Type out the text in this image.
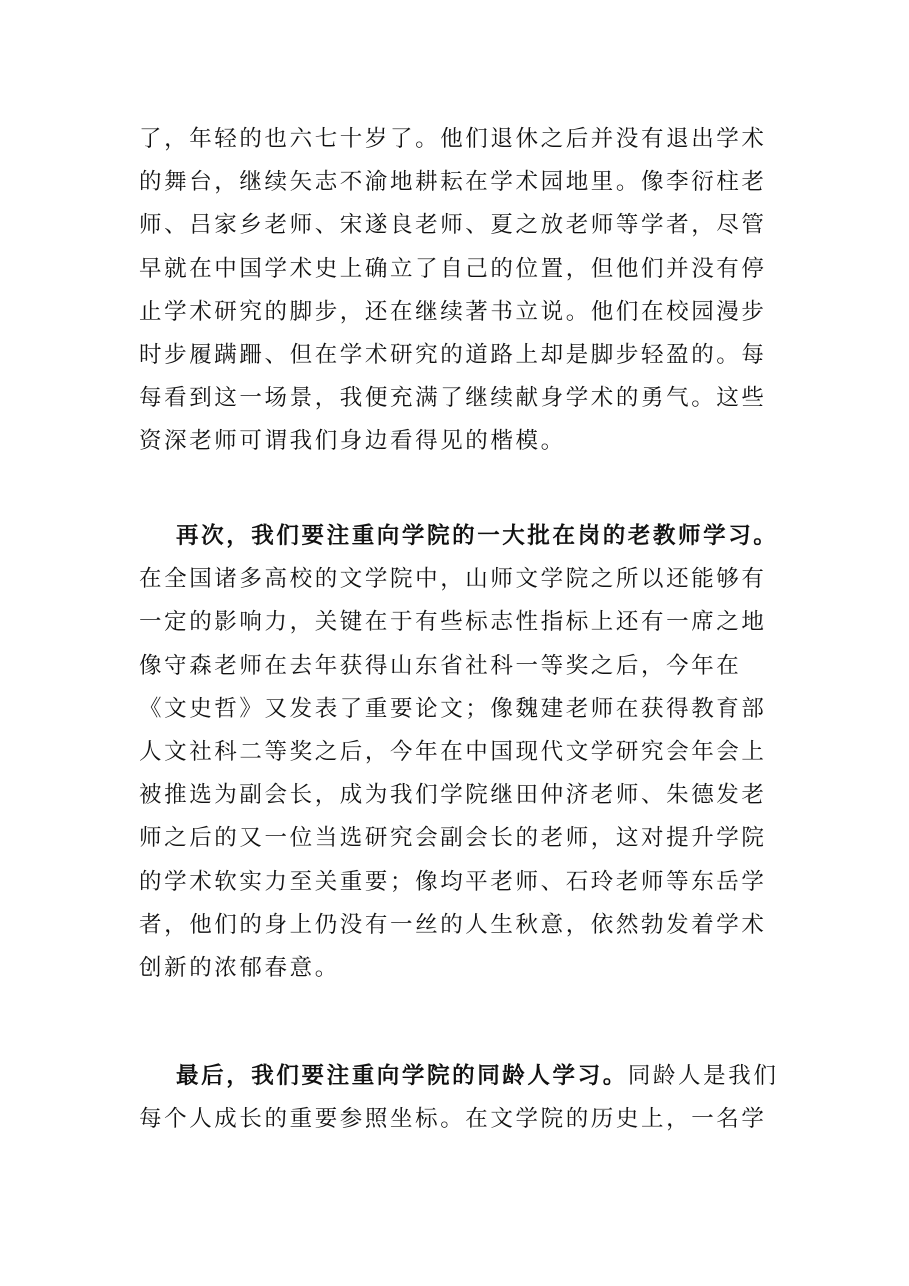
了，年轻的也六七十岁了。他们退休之后并没有退出学术
的舞台，继续矢志不渝地耕耘在学术园地里。像李衍柱老
师、吕家乡老师、宋遂良老师、夏之放老师等学者，尽管
早就在中国学术史上确立了自己的位置，但他们并没有停
止学术研究的脚步，还在继续著书立说。他们在校园漫步
时步履蹒跚、但在学术研究的道路上却是脚步轻盈的。每
每看到这一场景，我便充满了继续献身学术的勇气。这些
资深老师可谓我们身边看得见的楷模。

再次，我们要注重向学院的一大批在岗的老教师学习。
在全国诸多高校的文学院中，山师文学院之所以还能够有
一定的影响力，关键在于有些标志性指标上还有一席之地
像守森老师在去年获得山东省社科一等奖之后，今年在
《文史哲》又发表了重要论文；像魏建老师在获得教育部
人文社科二等奖之后，今年在中国现代文学研究会年会上
被推选为副会长，成为我们学院继田仲济老师、朱德发老
师之后的又一位当选研究会副会长的老师，这对提升学院
的学术软实力至关重要；像均平老师、石玲老师等东岳学
者，他们的身上仍没有一丝的人生秋意，依然勃发着学术
创新的浓郁春意。

最后，我们要注重向学院的同龄人学习。同龄人是我们
每个人成长的重要参照坐标。在文学院的历史上，一名学
